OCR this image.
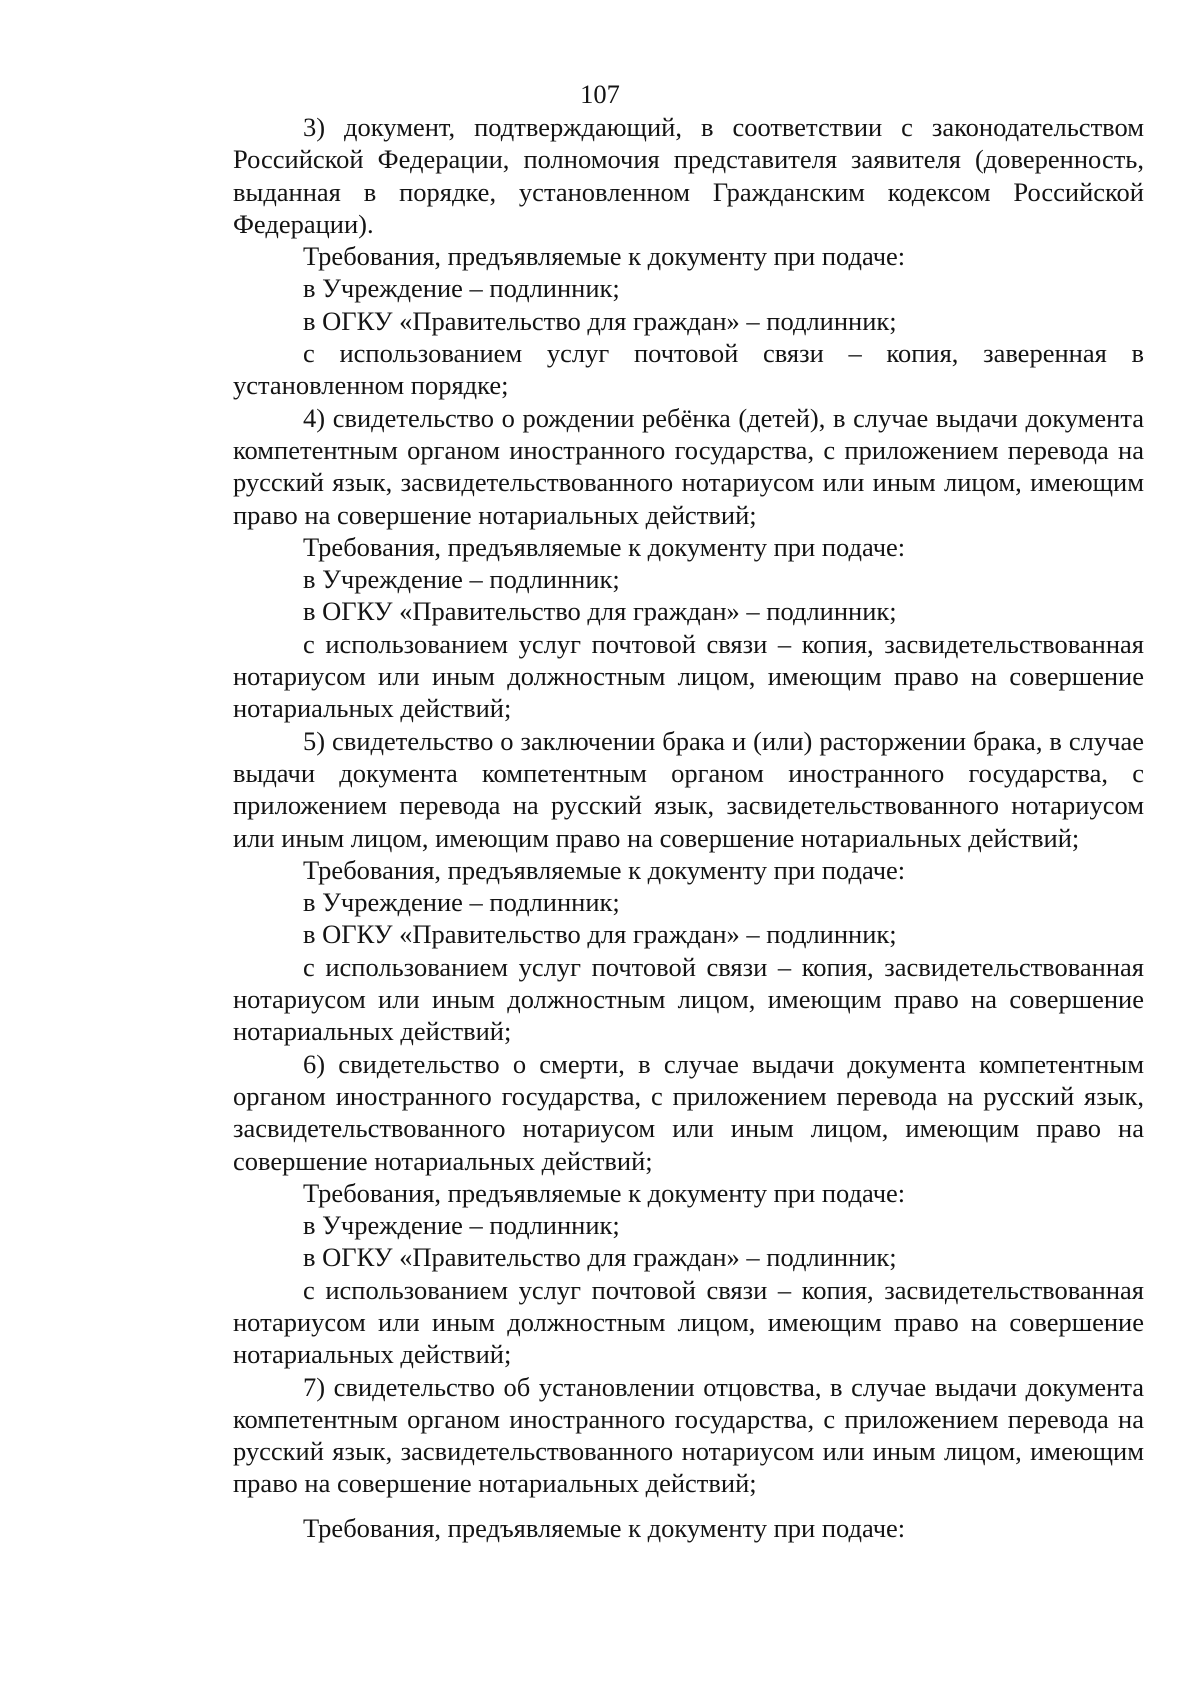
107

3) документ, подтверждающий, в соответствии с законодательством Российской Федерации, полномочия представителя заявителя (доверенность, выданная в порядке, установленном Гражданским кодексом Российской Федерации).

Требования, предъявляемые к документу при подаче:

в Учреждение – подлинник;

в ОГКУ «Правительство для граждан» – подлинник;

с использованием услуг почтовой связи – копия, заверенная в установленном порядке;

4) свидетельство о рождении ребёнка (детей), в случае выдачи документа компетентным органом иностранного государства, с приложением перевода на русский язык, засвидетельствованного нотариусом или иным лицом, имеющим право на совершение нотариальных действий;

Требования, предъявляемые к документу при подаче:

в Учреждение – подлинник;

в ОГКУ «Правительство для граждан» – подлинник;

с использованием услуг почтовой связи – копия, засвидетельствованная нотариусом или иным должностным лицом, имеющим право на совершение нотариальных действий;

5) свидетельство о заключении брака и (или) расторжении брака, в случае выдачи документа компетентным органом иностранного государства, с приложением перевода на русский язык, засвидетельствованного нотариусом или иным лицом, имеющим право на совершение нотариальных действий;

Требования, предъявляемые к документу при подаче:

в Учреждение – подлинник;

в ОГКУ «Правительство для граждан» – подлинник;

с использованием услуг почтовой связи – копия, засвидетельствованная нотариусом или иным должностным лицом, имеющим право на совершение нотариальных действий;

6) свидетельство о смерти, в случае выдачи документа компетентным органом иностранного государства, с приложением перевода на русский язык, засвидетельствованного нотариусом или иным лицом, имеющим право на совершение нотариальных действий;

Требования, предъявляемые к документу при подаче:

в Учреждение – подлинник;

в ОГКУ «Правительство для граждан» – подлинник;

с использованием услуг почтовой связи – копия, засвидетельствованная нотариусом или иным должностным лицом, имеющим право на совершение нотариальных действий;

7) свидетельство об установлении отцовства, в случае выдачи документа компетентным органом иностранного государства, с приложением перевода на русский язык, засвидетельствованного нотариусом или иным лицом, имеющим право на совершение нотариальных действий;

Требования, предъявляемые к документу при подаче:
